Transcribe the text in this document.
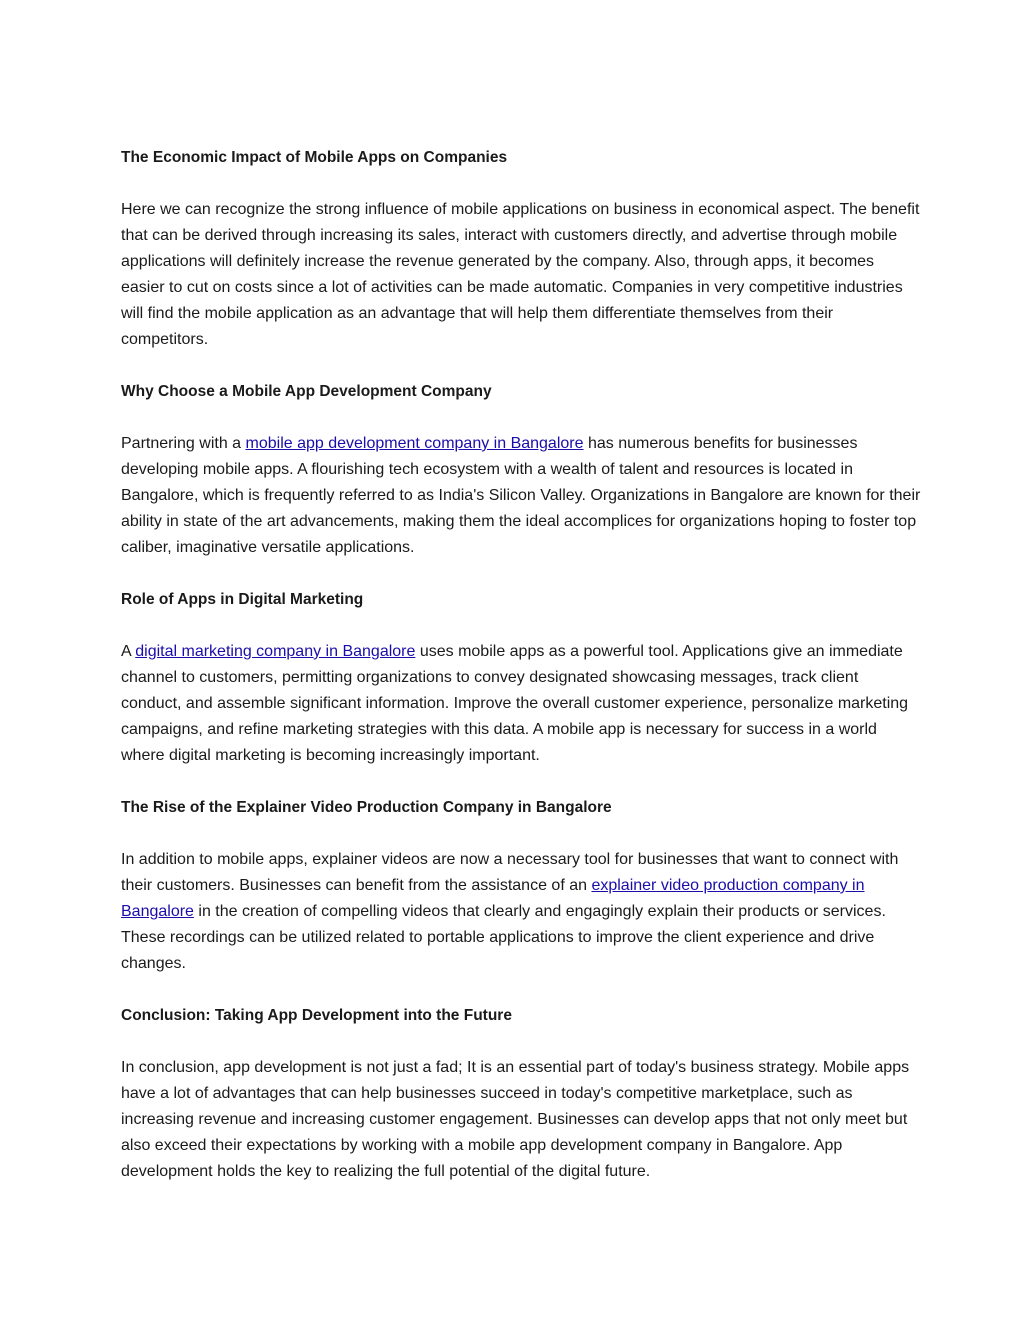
The Economic Impact of Mobile Apps on Companies
Here we can recognize the strong influence of mobile applications on business in economical aspect. The benefit that can be derived through increasing its sales, interact with customers directly, and advertise through mobile applications will definitely increase the revenue generated by the company. Also, through apps, it becomes easier to cut on costs since a lot of activities can be made automatic. Companies in very competitive industries will find the mobile application as an advantage that will help them differentiate themselves from their competitors.
Why Choose a Mobile App Development Company
Partnering with a mobile app development company in Bangalore has numerous benefits for businesses developing mobile apps. A flourishing tech ecosystem with a wealth of talent and resources is located in Bangalore, which is frequently referred to as India's Silicon Valley. Organizations in Bangalore are known for their ability in state of the art advancements, making them the ideal accomplices for organizations hoping to foster top caliber, imaginative versatile applications.
Role of Apps in Digital Marketing
A digital marketing company in Bangalore uses mobile apps as a powerful tool. Applications give an immediate channel to customers, permitting organizations to convey designated showcasing messages, track client conduct, and assemble significant information. Improve the overall customer experience, personalize marketing campaigns, and refine marketing strategies with this data. A mobile app is necessary for success in a world where digital marketing is becoming increasingly important.
The Rise of the Explainer Video Production Company in Bangalore
In addition to mobile apps, explainer videos are now a necessary tool for businesses that want to connect with their customers. Businesses can benefit from the assistance of an explainer video production company in Bangalore in the creation of compelling videos that clearly and engagingly explain their products or services. These recordings can be utilized related to portable applications to improve the client experience and drive changes.
Conclusion: Taking App Development into the Future
In conclusion, app development is not just a fad; It is an essential part of today's business strategy. Mobile apps have a lot of advantages that can help businesses succeed in today's competitive marketplace, such as increasing revenue and increasing customer engagement. Businesses can develop apps that not only meet but also exceed their expectations by working with a mobile app development company in Bangalore. App development holds the key to realizing the full potential of the digital future.
